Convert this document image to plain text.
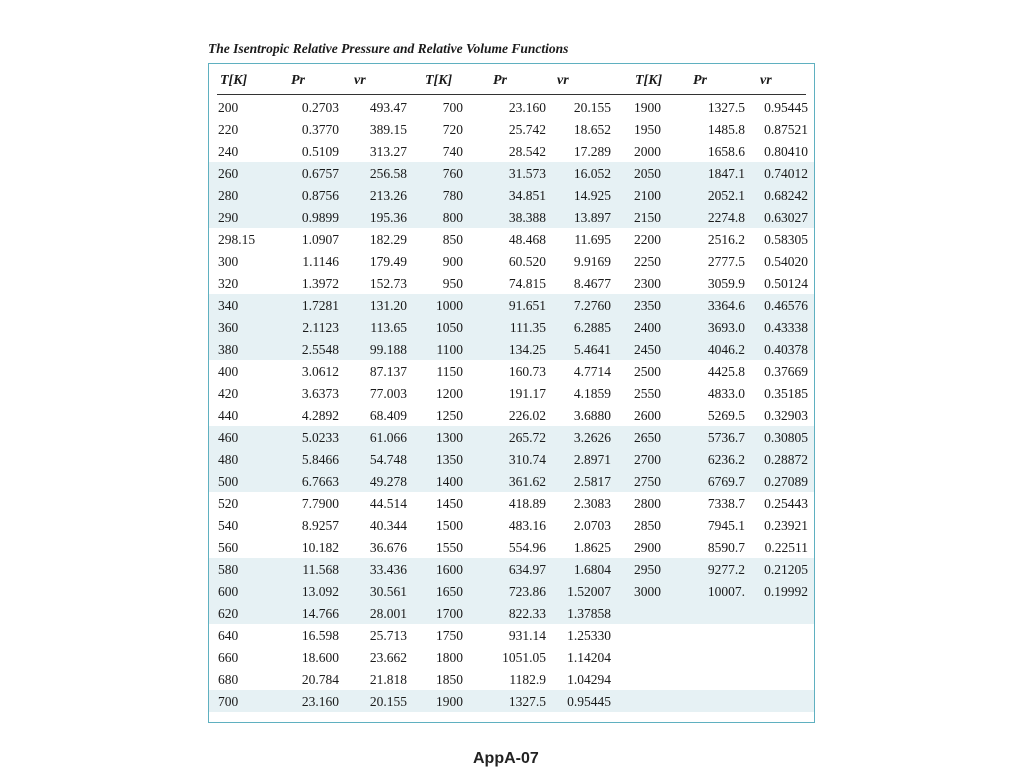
The Isentropic Relative Pressure and Relative Volume Functions
T[K]	Pr	vr	T[K]	Pr	vr	T[K] Pr	vr
200	0.2703	493.47	700	23.160	20.155 1900	1327.5	0.95445
220	0.3770	389.15	720	25.742	18.652 1950	1485.8	0.87521
240	0.5109	313.27	740	28.542	17.289 2000	1658.6	0.80410
260	0.6757	256.58	760	31.573	16.052 2050	1847.1	0.74012
280	0.8756	213.26	780	34.851	14.925 2100	2052.1	0.68242
290	0.9899	195.36	800	38.388	13.897 2150	2274.8	0.63027
298.15	1.0907	182.29	850	48.468	11.695 2200	2516.2	0.58305
300	1.1146	179.49	900	60.520	9.9169 2250	2777.5	0.54020
320	1.3972	152.73	950	74.815	8.4677 2300	3059.9	0.50124
340	1.7281	131.20	1000	91.651	7.2760 2350	3364.6	0.46576
360	2.1123	113.65	1050	111.35	6.2885 2400	3693.0	0.43338
380	2.5548	99.188	1100	134.25	5.4641 2450	4046.2	0.40378
400	3.0612	87.137	1150	160.73	4.7714 2500	4425.8	0.37669
420	3.6373	77.003	1200	191.17	4.1859 2550	4833.0	0.35185
440	4.2892	68.409	1250	226.02	3.6880 2600	5269.5	0.32903
460	5.0233	61.066	1300	265.72	3.2626 2650	5736.7	0.30805
480	5.8466	54.748	1350	310.74	2.8971 2700	6236.2	0.28872
500	6.7663	49.278	1400	361.62	2.5817 2750	6769.7	0.27089
520	7.7900	44.514	1450	418.89	2.3083 2800	7338.7	0.25443
540	8.9257	40.344	1500	483.16	2.0703 2850	7945.1	0.23921
560	10.182	36.676	1550	554.96	1.8625 2900	8590.7	0.22511
580	11.568	33.436	1600	634.97	1.6804 2950	9277.2	0.21205
600	13.092	30.561	1650	723.86	1.52007 3000	10007.	0.19992
620	14.766	28.001	1700	822.33	1.37858
640	16.598	25.713	1750	931.14	1.25330
660	18.600	23.662	1800	1051.05	1.14204
680	20.784	21.818	1850	1182.9	1.04294
700	23.160	20.155	1900	1327.5	0.95445
AppA-07
